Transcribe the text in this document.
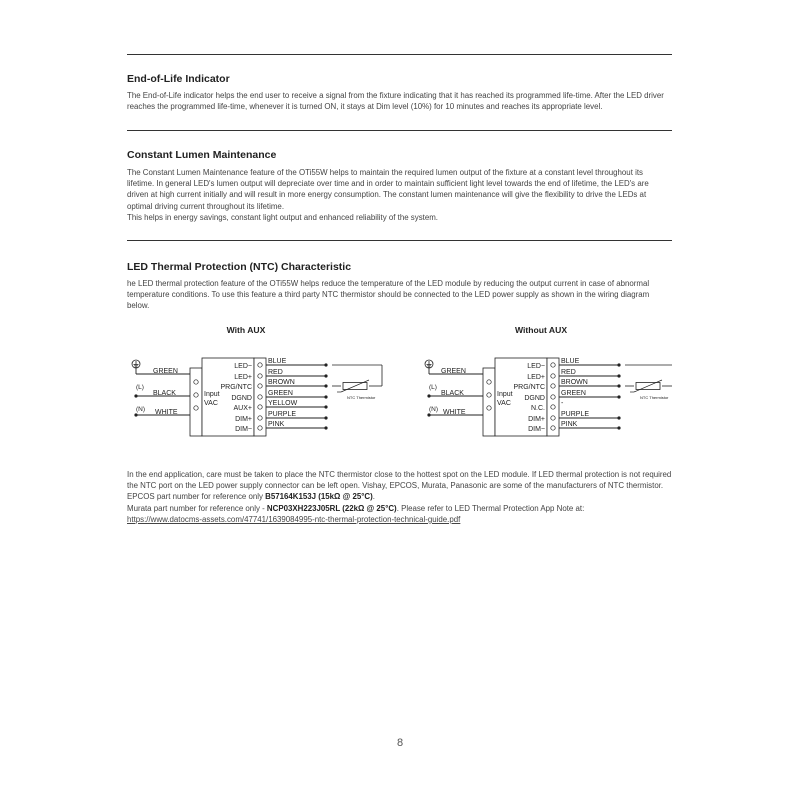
End-of-Life Indicator

The End-of-Life indicator helps the end user to receive a signal from the fixture indicating that it has reached its programmed life-time. After the LED driver reaches the programmed life-time, whenever it is turned ON, it stays at Dim level (10%) for 10 minutes and reaches its appropriate level.

Constant Lumen Maintenance

The Constant Lumen Maintenance feature of the OTi55W helps to maintain the required lumen output of the fixture at a constant level throughout its lifetime. In general LED's lumen output will depreciate over time and in order to maintain sufficient light level towards the end of lifetime, the LED's are driven at high current initially and will result in more energy consumption. The constant lumen maintenance will give the flexibility to drive the LEDs at optimal driving current throughout its lifetime.
This helps in energy savings, constant light output and enhanced reliability of the system.

LED Thermal Protection (NTC) Characteristic

he LED thermal protection feature of the OTi55W helps reduce the temperature of the LED module by reducing the output current in case of abnormal temperature conditions. To use this feature a third party NTC thermistor should be connected to the LED power supply as shown in the wiring diagram below.

With AUX
GREEN
(L)
BLACK
(N) WHITE
Input
VAC
LED−
LED+
PRG/NTC
DGND
AUX+
DIM+
DIM−
BLUE
RED
BROWN
GREEN
YELLOW
PURPLE
PINK
NTC Thermistor
Without AUX
GREEN
(L)
BLACK
(N) WHITE
Input
VAC
LED−
LED+
PRG/NTC
DGND
N.C.
DIM+
DIM−
BLUE
RED
BROWN
GREEN
-
PURPLE
PINK
NTC Thermistor

In the end application, care must be taken to place the NTC thermistor close to the hottest spot on the LED module. If LED thermal protection is not required the NTC port on the LED power supply connector can be left open. Vishay, EPCOS, Murata, Panasonic are some of the manufacturers of NTC thermistor. EPCOS part number for reference only B57164K153J (15kΩ @ 25°C).
Murata part number for reference only - NCP03XH223J05RL (22kΩ @ 25°C). Please refer to LED Thermal Protection App Note at:
https://www.datocms-assets.com/47741/1639084995-ntc-thermal-protection-technical-guide.pdf

8
